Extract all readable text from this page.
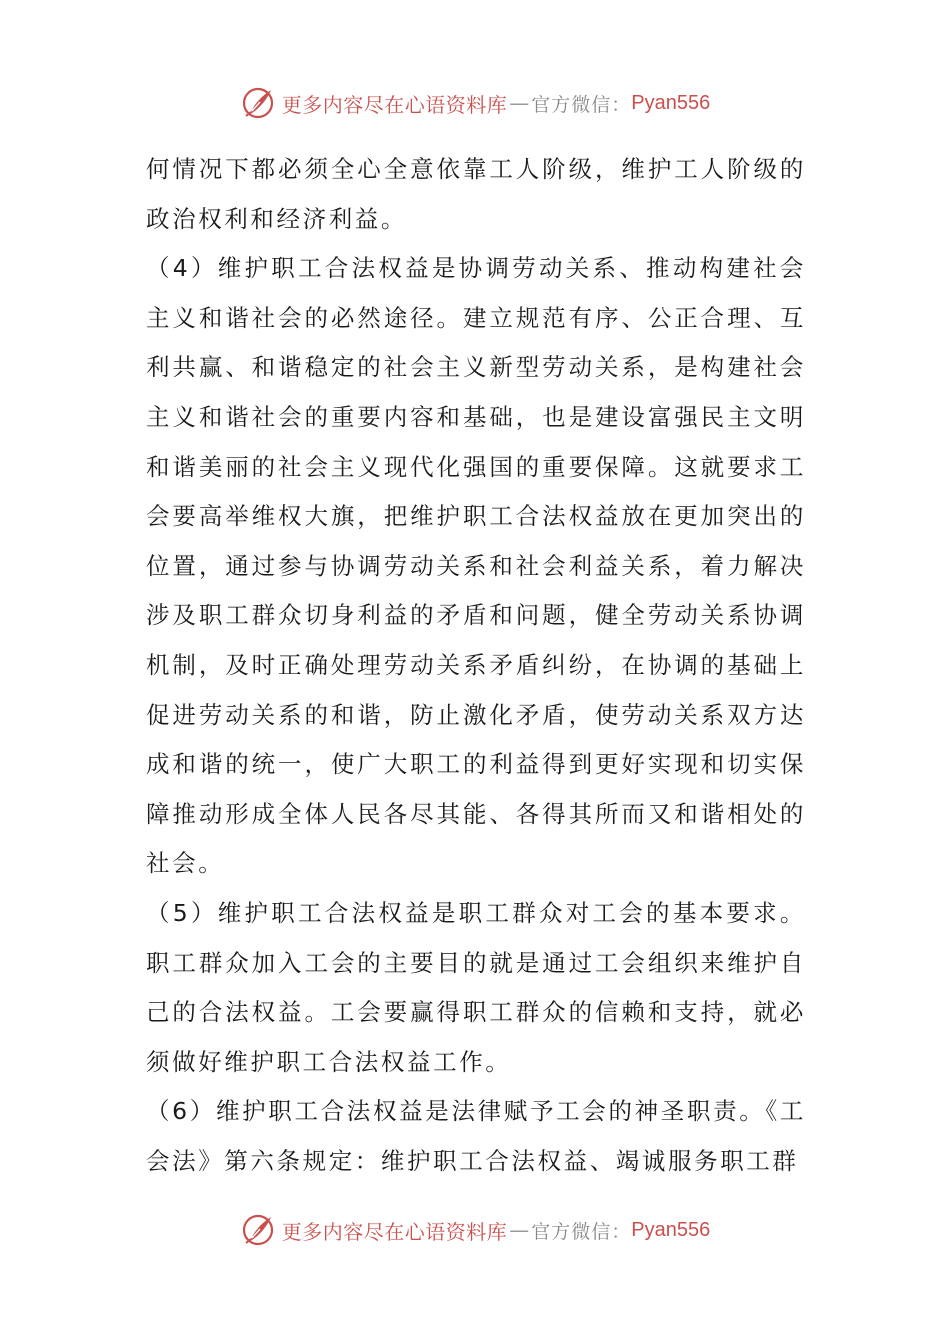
更多内容尽在心语资料库 — 官方微信： Pyan556

何情况下都必须全心全意依靠工人阶级，维护工人阶级的政治权利和经济利益。

（4）维护职工合法权益是协调劳动关系、推动构建社会主义和谐社会的必然途径。建立规范有序、公正合理、互利共赢、和谐稳定的社会主义新型劳动关系，是构建社会主义和谐社会的重要内容和基础，也是建设富强民主文明和谐美丽的社会主义现代化强国的重要保障。这就要求工会要高举维权大旗，把维护职工合法权益放在更加突出的位置，通过参与协调劳动关系和社会利益关系，着力解决涉及职工群众切身利益的矛盾和问题，健全劳动关系协调机制，及时正确处理劳动关系矛盾纠纷，在协调的基础上促进劳动关系的和谐，防止激化矛盾，使劳动关系双方达成和谐的统一，使广大职工的利益得到更好实现和切实保障推动形成全体人民各尽其能、各得其所而又和谐相处的社会。

（5）维护职工合法权益是职工群众对工会的基本要求。职工群众加入工会的主要目的就是通过工会组织来维护自己的合法权益。工会要赢得职工群众的信赖和支持，就必须做好维护职工合法权益工作。

（6）维护职工合法权益是法律赋予工会的神圣职责。《工会法》第六条规定：维护职工合法权益、竭诚服务职工群

更多内容尽在心语资料库 — 官方微信： Pyan556
